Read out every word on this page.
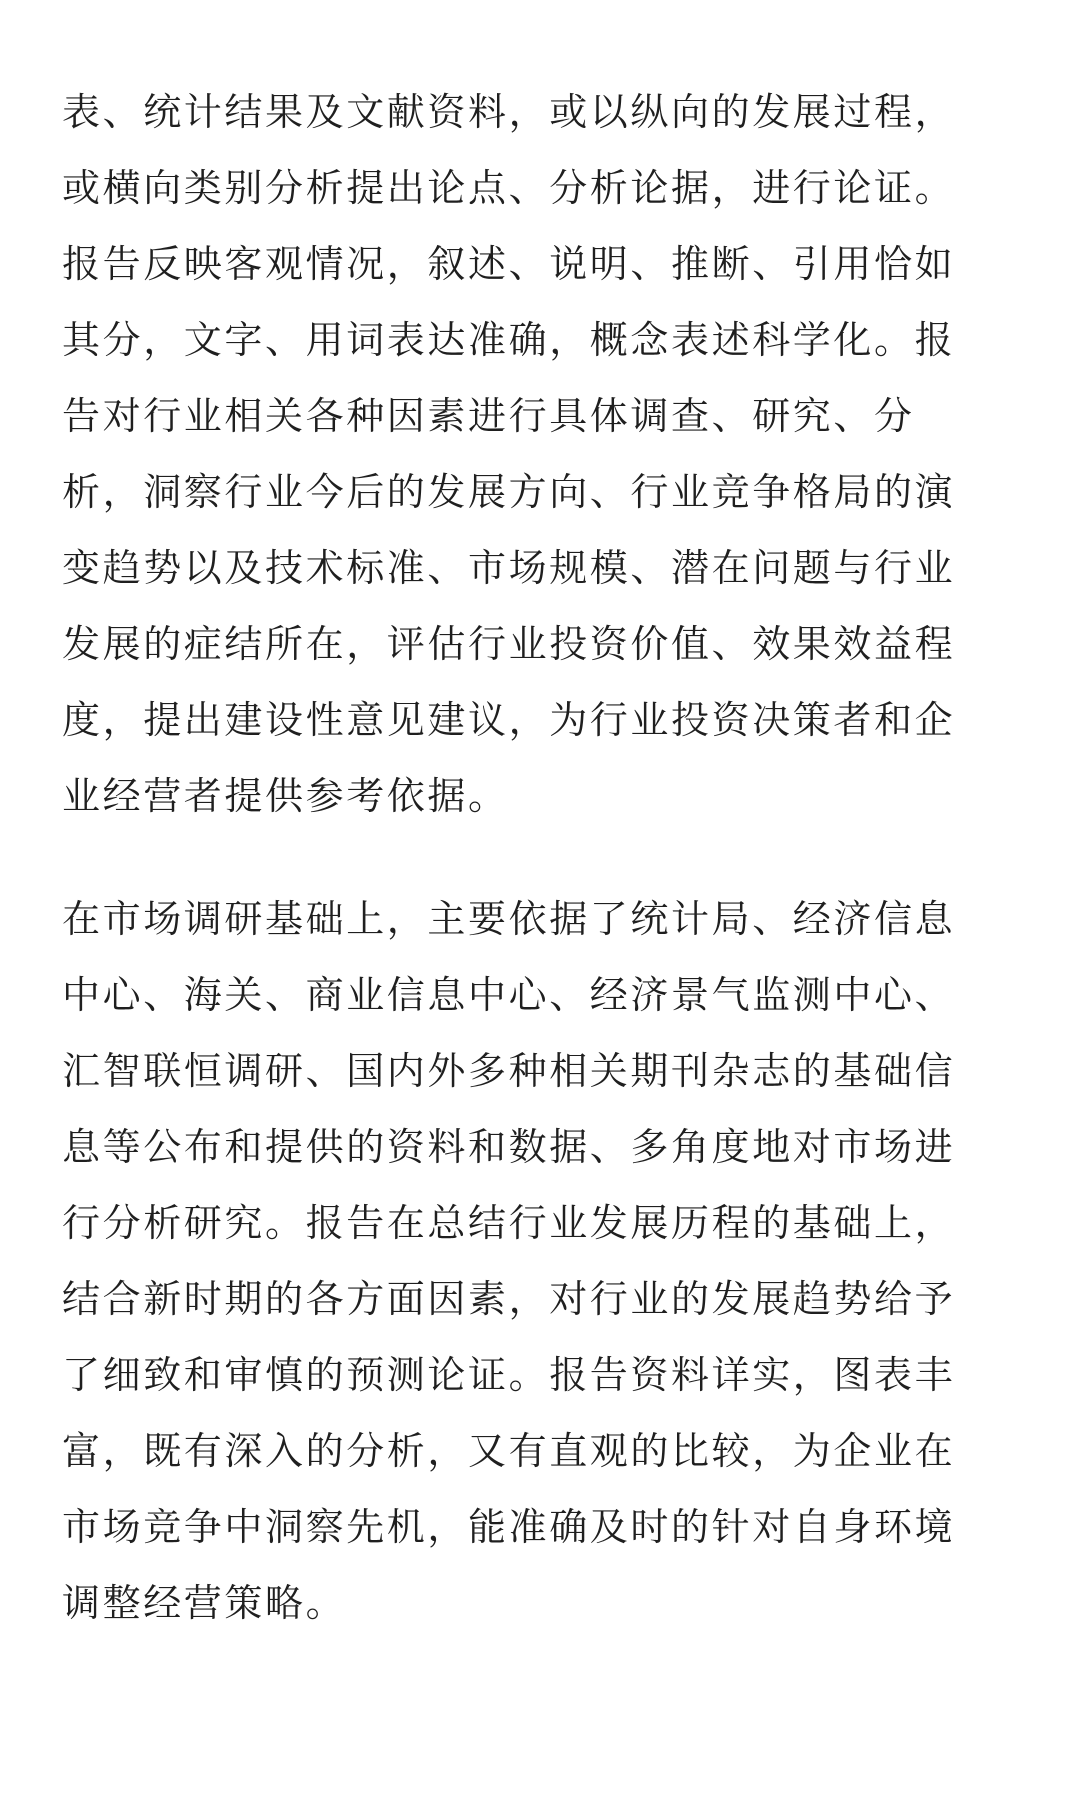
表、统计结果及文献资料，或以纵向的发展过程，
或横向类别分析提出论点、分析论据，进行论证。
报告反映客观情况，叙述、说明、推断、引用恰如
其分，文字、用词表达准确，概念表述科学化。报
告对行业相关各种因素进行具体调查、研究、分
析，洞察行业今后的发展方向、行业竞争格局的演
变趋势以及技术标准、市场规模、潜在问题与行业
发展的症结所在，评估行业投资价值、效果效益程
度，提出建设性意见建议，为行业投资决策者和企
业经营者提供参考依据。
在市场调研基础上，主要依据了统计局、经济信息
中心、海关、商业信息中心、经济景气监测中心、
汇智联恒调研、国内外多种相关期刊杂志的基础信
息等公布和提供的资料和数据、多角度地对市场进
行分析研究。报告在总结行业发展历程的基础上，
结合新时期的各方面因素，对行业的发展趋势给予
了细致和审慎的预测论证。报告资料详实，图表丰
富，既有深入的分析，又有直观的比较，为企业在
市场竞争中洞察先机，能准确及时的针对自身环境
调整经营策略。
